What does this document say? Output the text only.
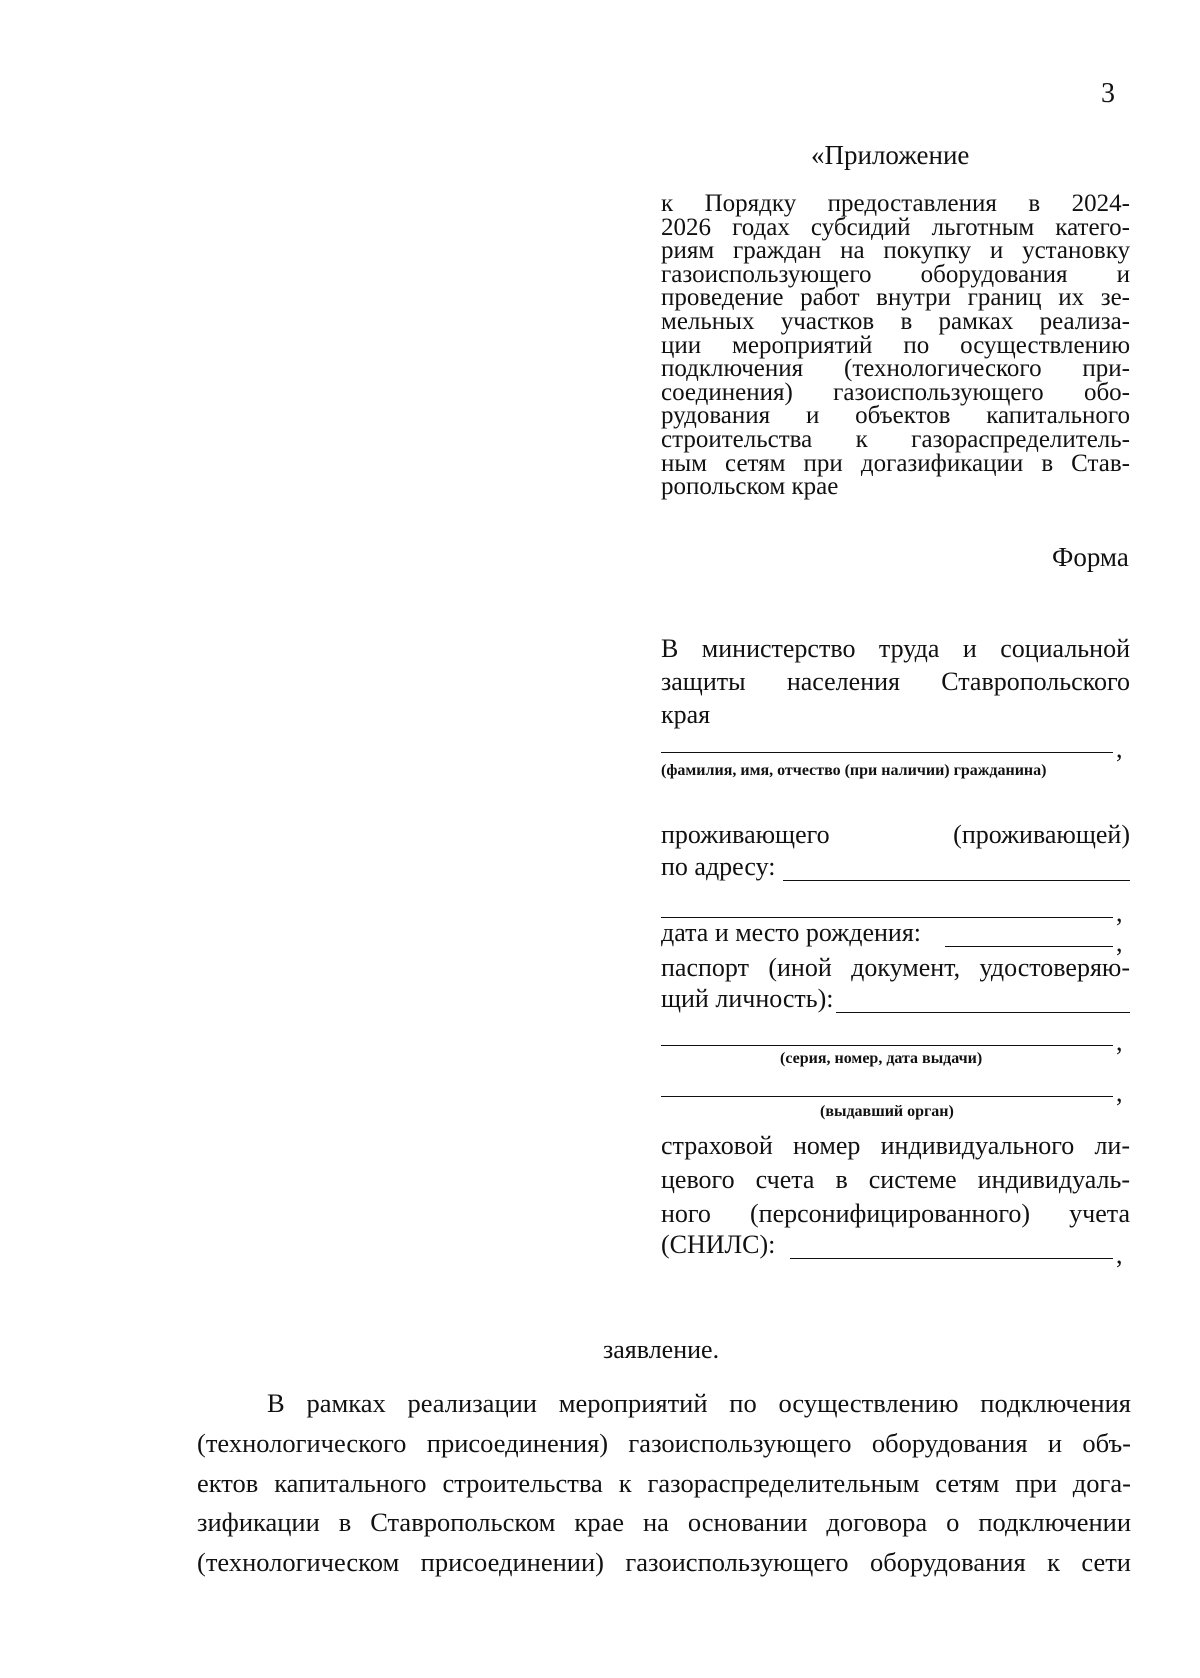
3
«Приложение
к Порядку предоставления в 2024-
2026 годах субсидий льготным катего-
риям граждан на покупку и установку
газоиспользующего оборудования и
проведение работ внутри границ их зе-
мельных участков в рамках реализа-
ции мероприятий по осуществлению
подключения (технологического при-
соединения) газоиспользующего обо-
рудования и объектов капитального
строительства к газораспределитель-
ным сетям при догазификации в Став-
ропольском крае
Форма
В министерство труда и социальной
защиты населения Ставропольского
края
,
(фамилия, имя, отчество (при наличии) гражданина)
проживающего	(проживающей)
по адресу:
,
дата и место рождения:	,
паспорт (иной документ, удостоверяю-
щий личность):
,
(серия, номер, дата выдачи)
,
(выдавший орган)
страховой номер индивидуального ли-
цевого счета в системе индивидуаль-
ного (персонифицированного) учета
(СНИЛС):	,
заявление.
В рамках реализации мероприятий по осуществлению подключения
(технологического присоединения) газоиспользующего оборудования и объ-
ектов капитального строительства к газораспределительным сетям при дога-
зификации в Ставропольском крае на основании договора о подключении
(технологическом присоединении) газоиспользующего оборудования к сети
